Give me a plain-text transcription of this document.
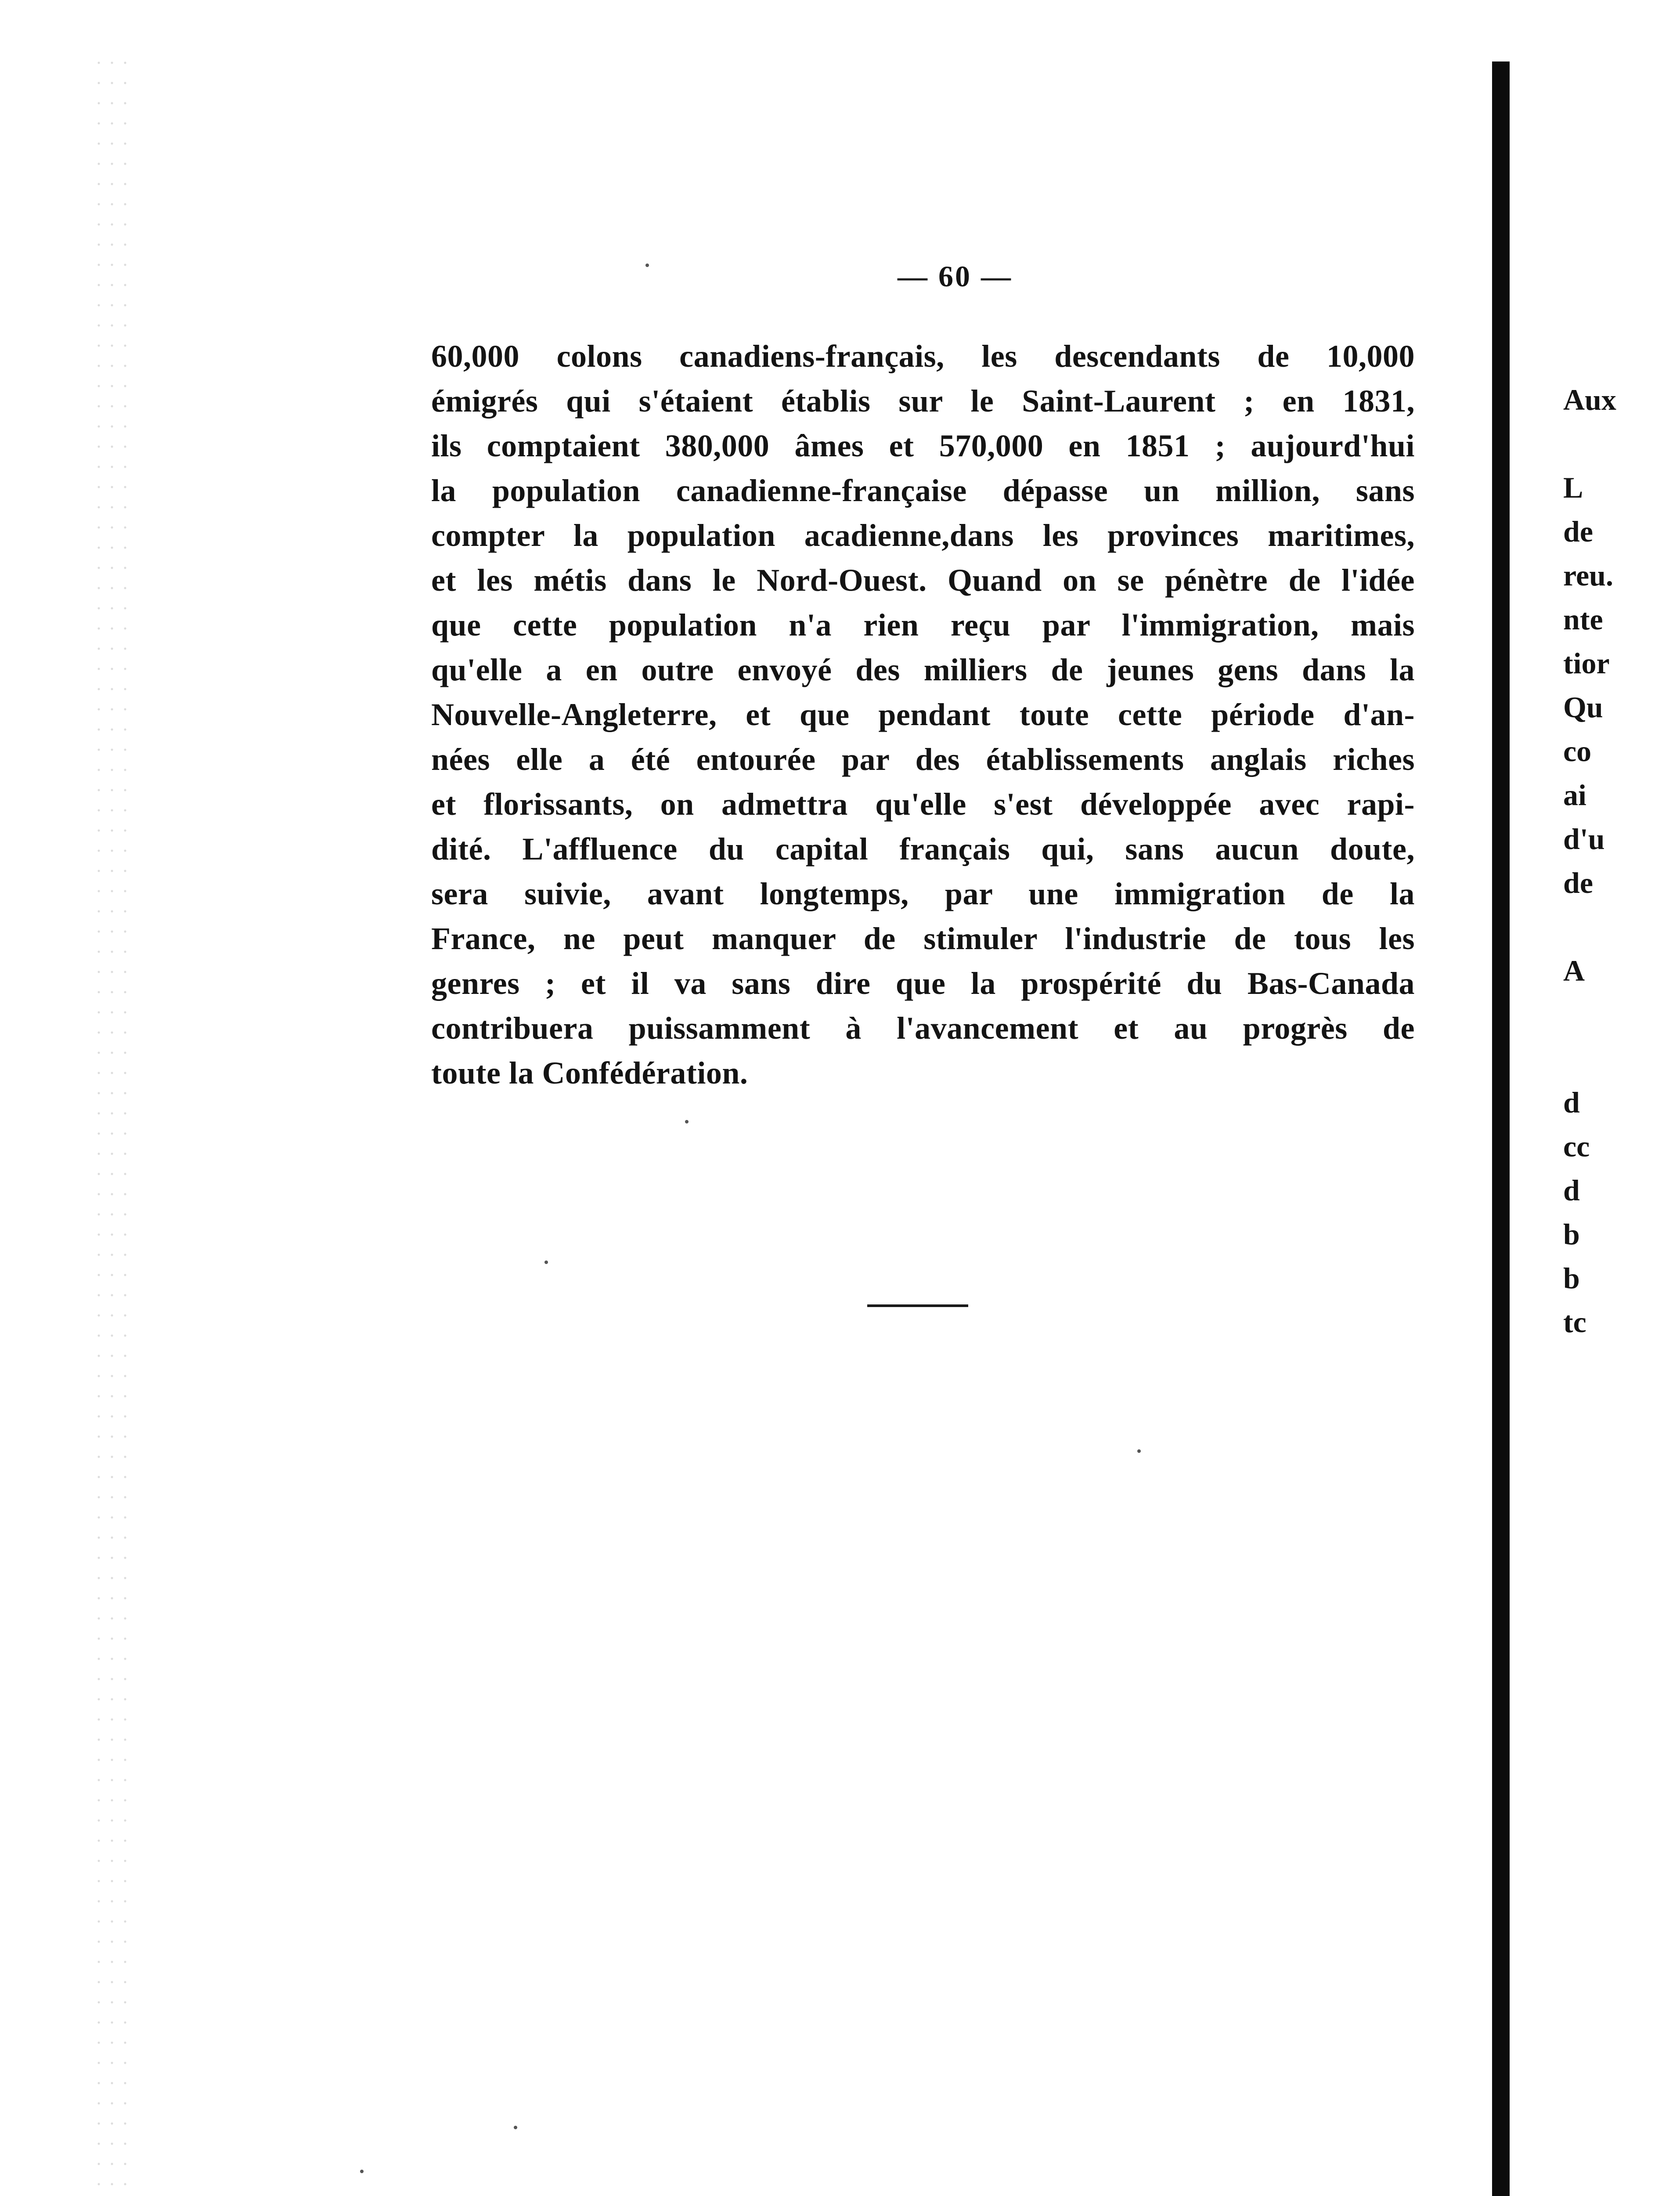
— 60 —
60,000 colons canadiens-français, les descendants de 10,000
émigrés qui s'étaient établis sur le Saint-Laurent ; en 1831,
ils comptaient 380,000 âmes et 570,000 en 1851 ; aujourd'hui
la population canadienne-française dépasse un million, sans
compter la population acadienne,dans les provinces maritimes,
et les métis dans le Nord-Ouest. Quand on se pénètre de l'idée
que cette population n'a rien reçu par l'immigration, mais
qu'elle a en outre envoyé des milliers de jeunes gens dans la
Nouvelle-Angleterre, et que pendant toute cette période d'an-
nées elle a été entourée par des établissements anglais riches
et florissants, on admettra qu'elle s'est développée avec rapi-
dité. L'affluence du capital français qui, sans aucun doute,
sera suivie, avant longtemps, par une immigration de la
France, ne peut manquer de stimuler l'industrie de tous les
genres ; et il va sans dire que la prospérité du Bas-Canada
contribuera puissamment à l'avancement et au progrès de
toute la Confédération.
Aux
L
de
reu.
nte
tior
Qu
co
ai
d'u
de
A
d
cc
d
b
b
tc
